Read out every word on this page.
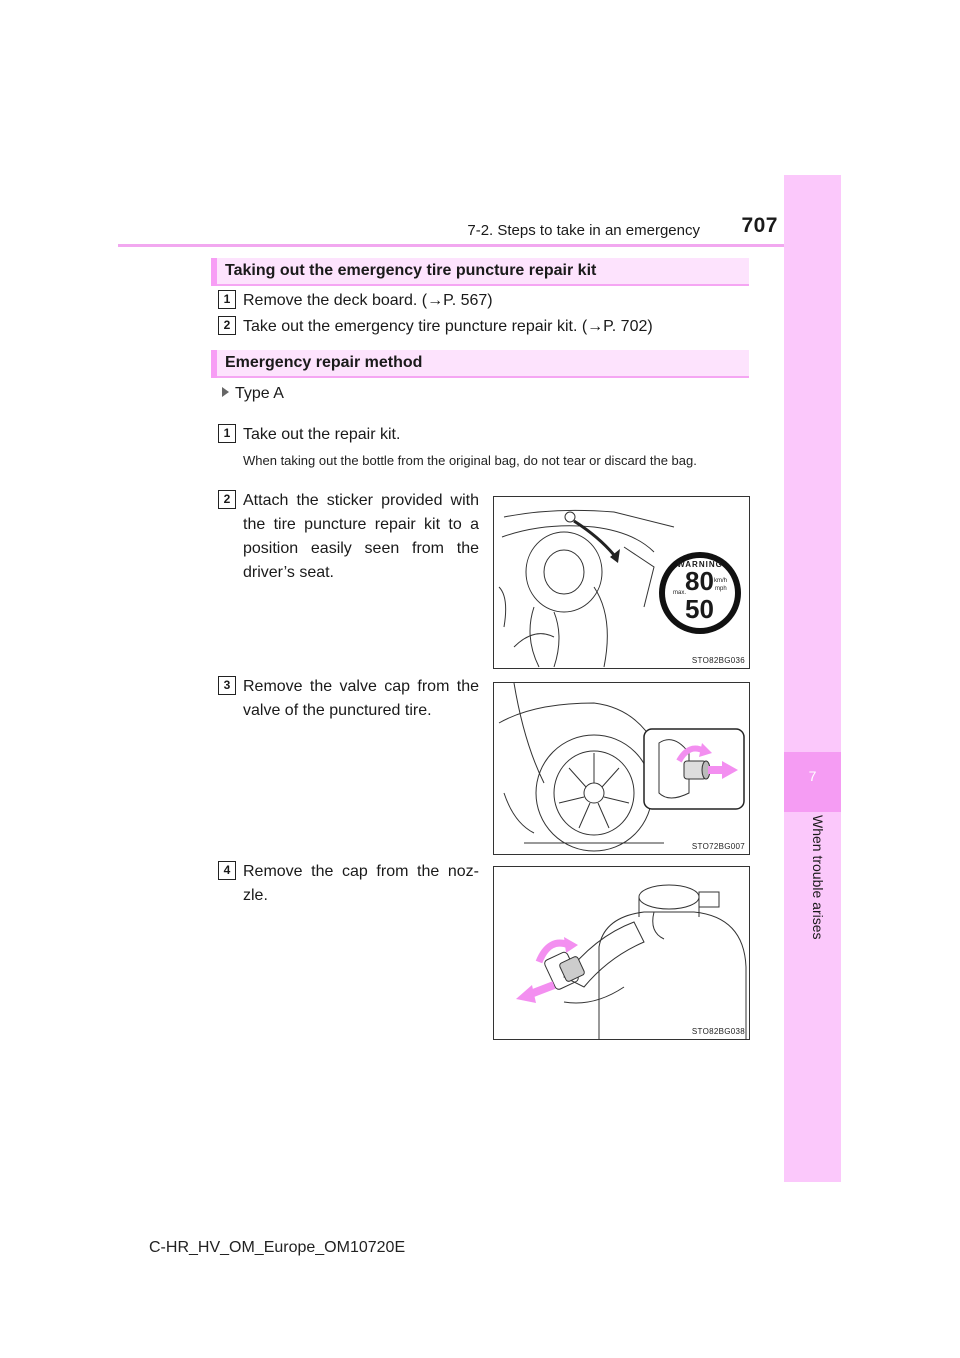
7-2. Steps to take in an emergency	707
7
When trouble arises
Taking out the emergency tire puncture repair kit
1 Remove the deck board. (→P. 567)
2 Take out the emergency tire puncture repair kit. (→P. 702)
Emergency repair method
Type A
1 Take out the repair kit.
When taking out the bottle from the original bag, do not tear or discard the bag.
2 Attach the sticker provided with the tire puncture repair kit to a position easily seen from the driver’s seat.	WARNING
80 km/h
mph
max.
50
STO82BG036
3 Remove the valve cap from the valve of the punctured tire.
STO72BG007
4 Remove the cap from the noz-zle.
STO82BG038
C-HR_HV_OM_Europe_OM10720E
